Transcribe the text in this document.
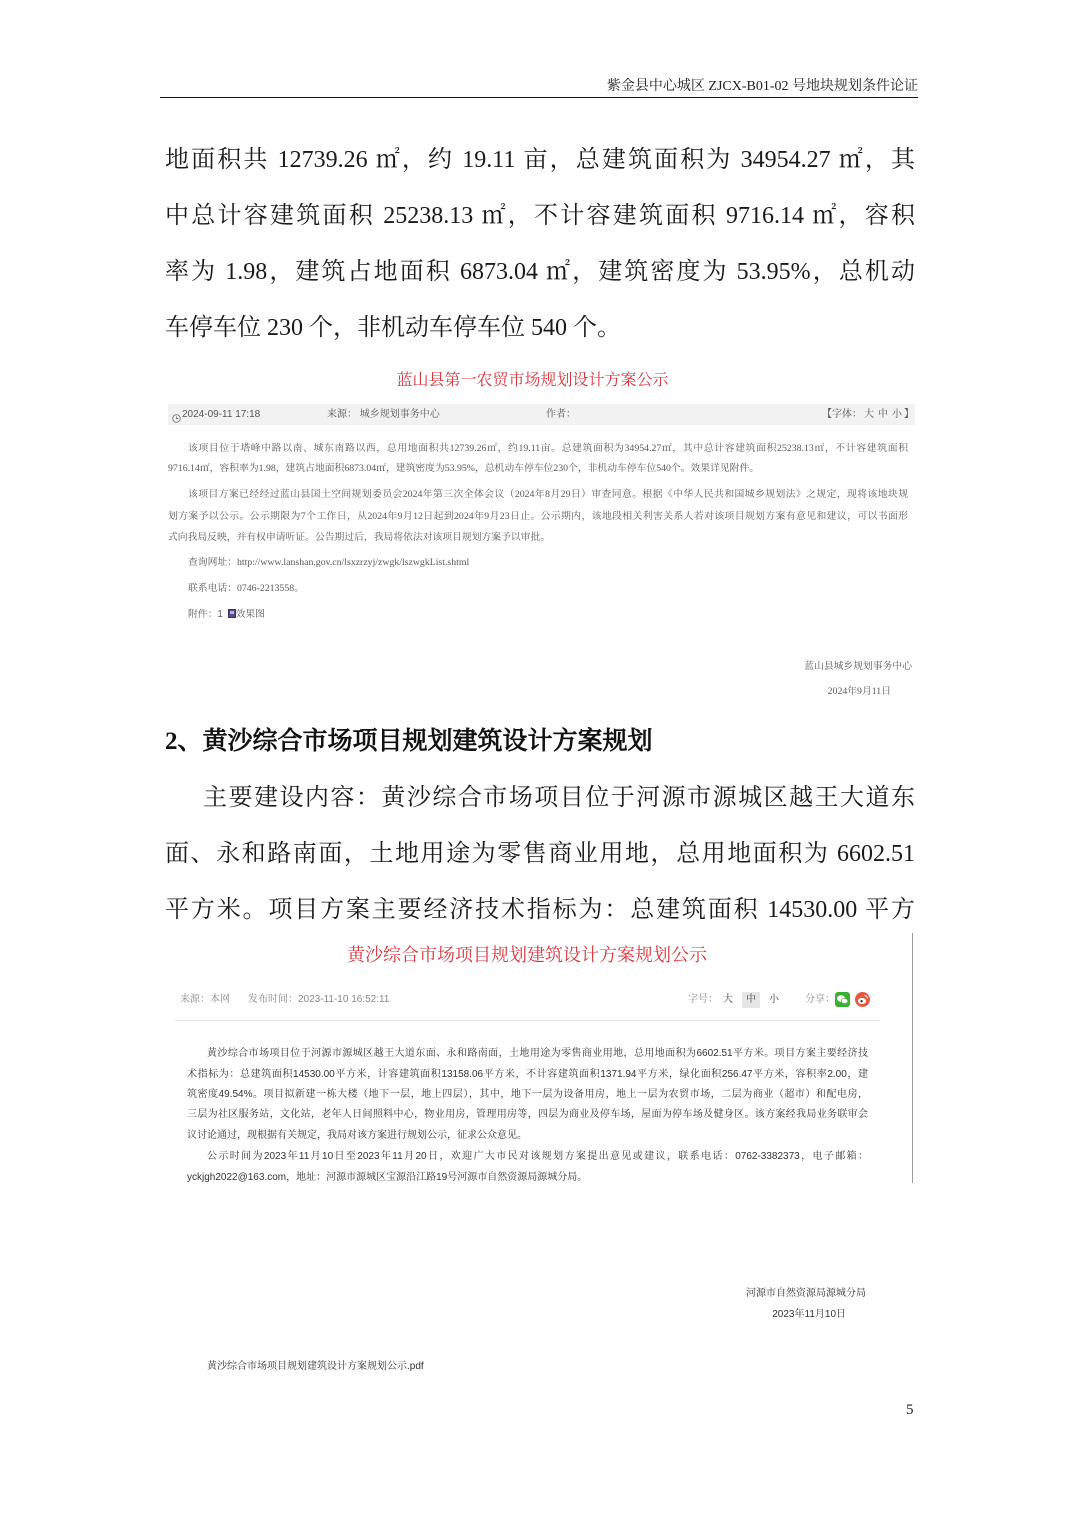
紫金县中心城区 ZJCX-B01-02 号地块规划条件论证
地面积共 12739.26 ㎡，约 19.11 亩，总建筑面积为 34954.27 ㎡，其
中总计容建筑面积 25238.13 ㎡，不计容建筑面积 9716.14 ㎡，容积
率为 1.98，建筑占地面积 6873.04 ㎡，建筑密度为 53.95%，总机动
车停车位 230 个，非机动车停车位 540 个。
蓝山县第一农贸市场规划设计方案公示
2024-09-11 17:18	来源： 城乡规划事务中心	作者：	【字体： 大 中 小 】
该项目位于塔峰中路以南、城东南路以西，总用地面积共12739.26㎡，约19.11亩。总建筑面积为34954.27㎡，其中总计容建筑面积25238.13㎡，不计容建筑面积
9716.14㎡，容积率为1.98，建筑占地面积6873.04㎡，建筑密度为53.95%，总机动车停车位230个，非机动车停车位540个。效果详见附件。
该项目方案已经经过蓝山县国土空间规划委员会2024年第三次全体会议（2024年8月29日）审查同意。根据《中华人民共和国城乡规划法》之规定，现将该地块规
划方案予以公示。公示期限为7个工作日，从2024年9月12日起到2024年9月23日止。公示期内，该地段相关利害关系人若对该项目规划方案有意见和建议，可以书面形
式向我局反映，并有权申请听证。公告期过后，我局将依法对该项目规划方案予以审批。
查询网址：http://www.lanshan.gov.cn/lsxzrzyj/zwgk/lszwgkList.shtml
联系电话：0746-2213558。
附件：1 效果图
蓝山县城乡规划事务中心
2024年9月11日
2、黄沙综合市场项目规划建筑设计方案规划
主要建设内容：黄沙综合市场项目位于河源市源城区越王大道东
面、永和路南面，土地用途为零售商业用地，总用地面积为 6602.51
平方米。项目方案主要经济技术指标为：总建筑面积 14530.00 平方
黄沙综合市场项目规划建筑设计方案规划公示
来源：本网 发布时间：2023-11-10 16:52:11	字号： 大	中	小	分享：
黄沙综合市场项目位于河源市源城区越王大道东面、永和路南面，土地用途为零售商业用地，总用地面积为6602.51平方米。项目方案主要经济技
术指标为：总建筑面积14530.00平方米，计容建筑面积13158.06平方米，不计容建筑面积1371.94平方米，绿化面积256.47平方米，容积率2.00，建
筑密度49.54%。项目拟新建一栋大楼（地下一层，地上四层），其中，地下一层为设备用房，地上一层为农贸市场，二层为商业（超市）和配电房，
三层为社区服务站，文化站，老年人日间照料中心，物业用房，管理用房等，四层为商业及停车场，屋面为停车场及健身区。该方案经我局业务联审会
议讨论通过，现根据有关规定，我局对该方案进行规划公示，征求公众意见。
公示时间为2023年11月10日至2023年11月20日，欢迎广大市民对该规划方案提出意见或建议，联系电话：0762-3382373，电子邮箱：
yckjgh2022@163.com，地址：河源市源城区宝源沿江路19号河源市自然资源局源城分局。
河源市自然资源局源城分局
2023年11月10日
黄沙综合市场项目规划建筑设计方案规划公示.pdf
5
